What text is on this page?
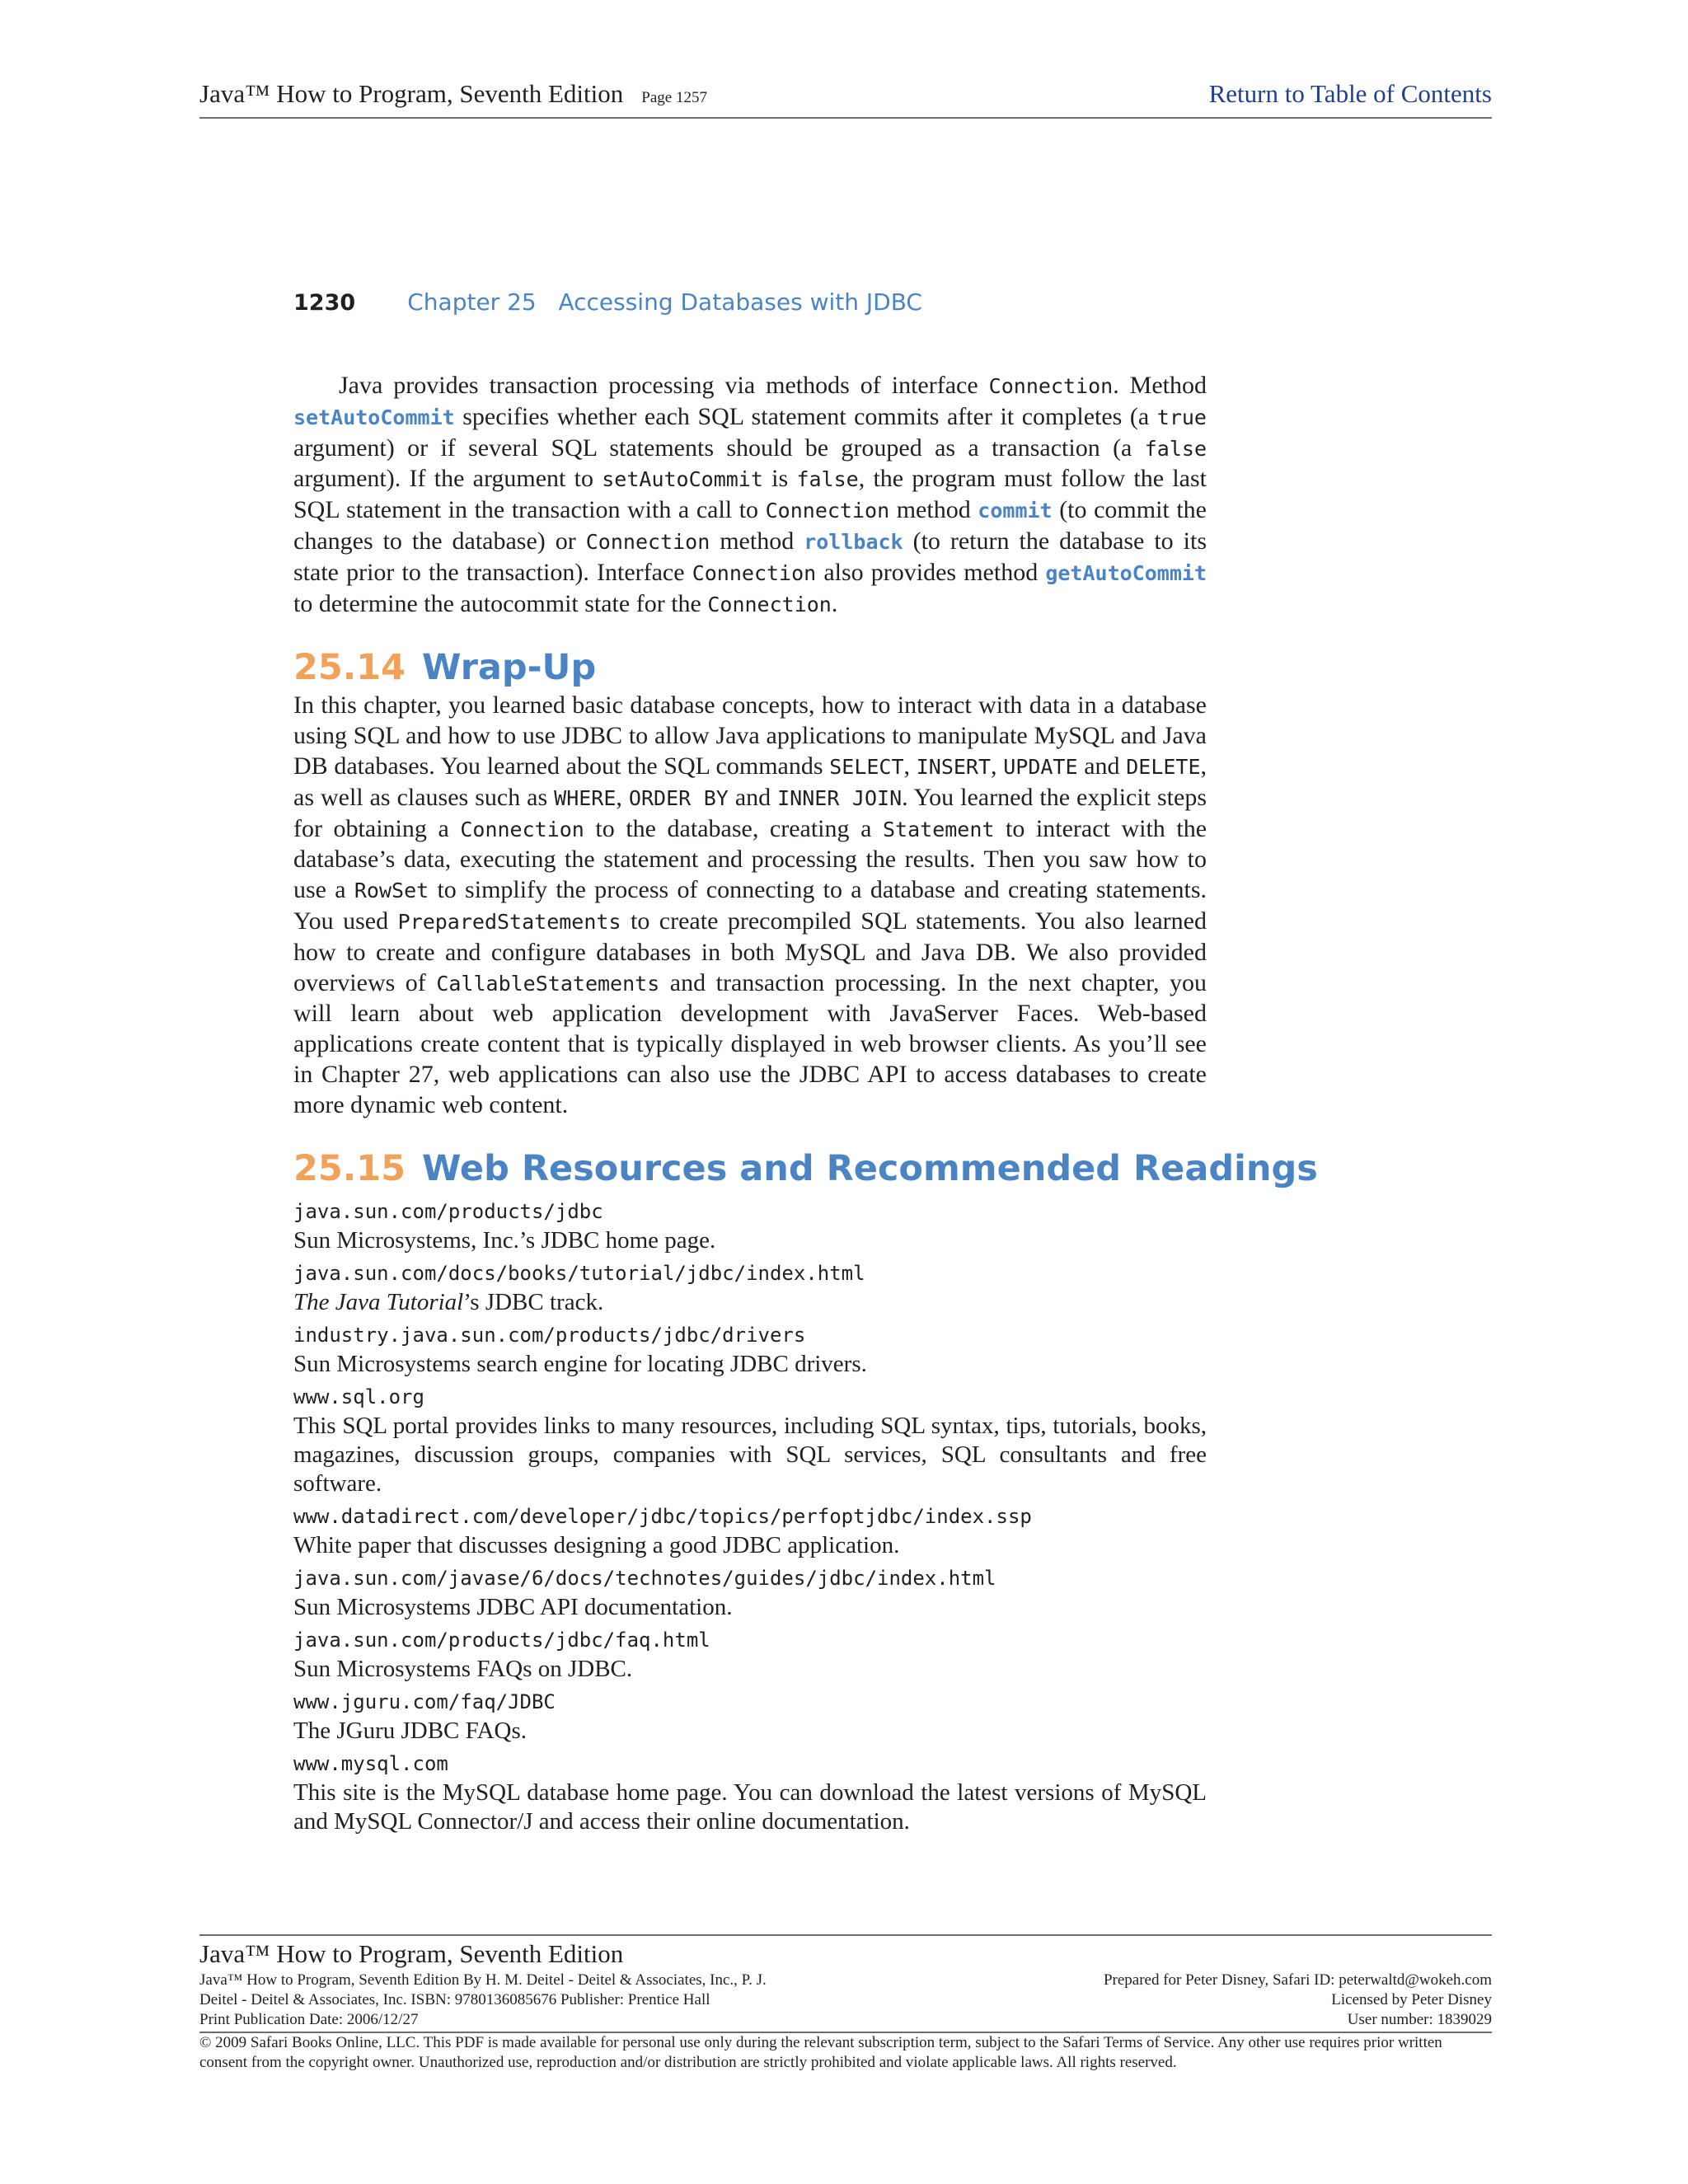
Java™ How to Program, Seventh Edition Page 1257	Return to Table of Contents
1230 Chapter 25 Accessing Databases with JDBC

Java provides transaction processing via methods of interface Connection. Method setAutoCommit specifies whether each SQL statement commits after it completes (a true argument) or if several SQL statements should be grouped as a transaction (a false argument). If the argument to setAutoCommit is false, the program must follow the last SQL statement in the transaction with a call to Connection method commit (to commit the changes to the database) or Connection method rollback (to return the database to its state prior to the transaction). Interface Connection also provides method getAutoCommit to determine the autocommit state for the Connection.

25.14 Wrap-Up

In this chapter, you learned basic database concepts, how to interact with data in a database using SQL and how to use JDBC to allow Java applications to manipulate MySQL and Java DB databases. You learned about the SQL commands SELECT, INSERT, UPDATE and DELETE, as well as clauses such as WHERE, ORDER BY and INNER JOIN. You learned the explicit steps for obtaining a Connection to the database, creating a Statement to interact with the database’s data, executing the statement and processing the results. Then you saw how to use a RowSet to simplify the process of connecting to a database and creating statements. You used PreparedStatements to create precompiled SQL statements. You also learned how to create and configure databases in both MySQL and Java DB. We also provided overviews of CallableStatements and transaction processing. In the next chapter, you will learn about web application development with JavaServer Faces. Web-based applications create content that is typically displayed in web browser clients. As you’ll see in Chapter 27, web applications can also use the JDBC API to access databases to create more dynamic web content.

25.15 Web Resources and Recommended Readings
java.sun.com/products/jdbc
Sun Microsystems, Inc.’s JDBC home page.
java.sun.com/docs/books/tutorial/jdbc/index.html
The Java Tutorial’s JDBC track.
industry.java.sun.com/products/jdbc/drivers
Sun Microsystems search engine for locating JDBC drivers.
www.sql.org
This SQL portal provides links to many resources, including SQL syntax, tips, tutorials, books, magazines, discussion groups, companies with SQL services, SQL consultants and free software.
www.datadirect.com/developer/jdbc/topics/perfoptjdbc/index.ssp
White paper that discusses designing a good JDBC application.
java.sun.com/javase/6/docs/technotes/guides/jdbc/index.html
Sun Microsystems JDBC API documentation.
java.sun.com/products/jdbc/faq.html
Sun Microsystems FAQs on JDBC.
www.jguru.com/faq/JDBC
The JGuru JDBC FAQs.
www.mysql.com
This site is the MySQL database home page. You can download the latest versions of MySQL and MySQL Connector/J and access their online documentation.
Java™ How to Program, Seventh Edition
Java™ How to Program, Seventh Edition By H. M. Deitel - Deitel & Associates, Inc., P. J.	Prepared for Peter Disney, Safari ID: peterwaltd@wokeh.com
Deitel - Deitel & Associates, Inc. ISBN: 9780136085676 Publisher: Prentice Hall	Licensed by Peter Disney
Print Publication Date: 2006/12/27	User number: 1839029
© 2009 Safari Books Online, LLC. This PDF is made available for personal use only during the relevant subscription term, subject to the Safari Terms of Service. Any other use requires prior written consent from the copyright owner. Unauthorized use, reproduction and/or distribution are strictly prohibited and violate applicable laws. All rights reserved.
